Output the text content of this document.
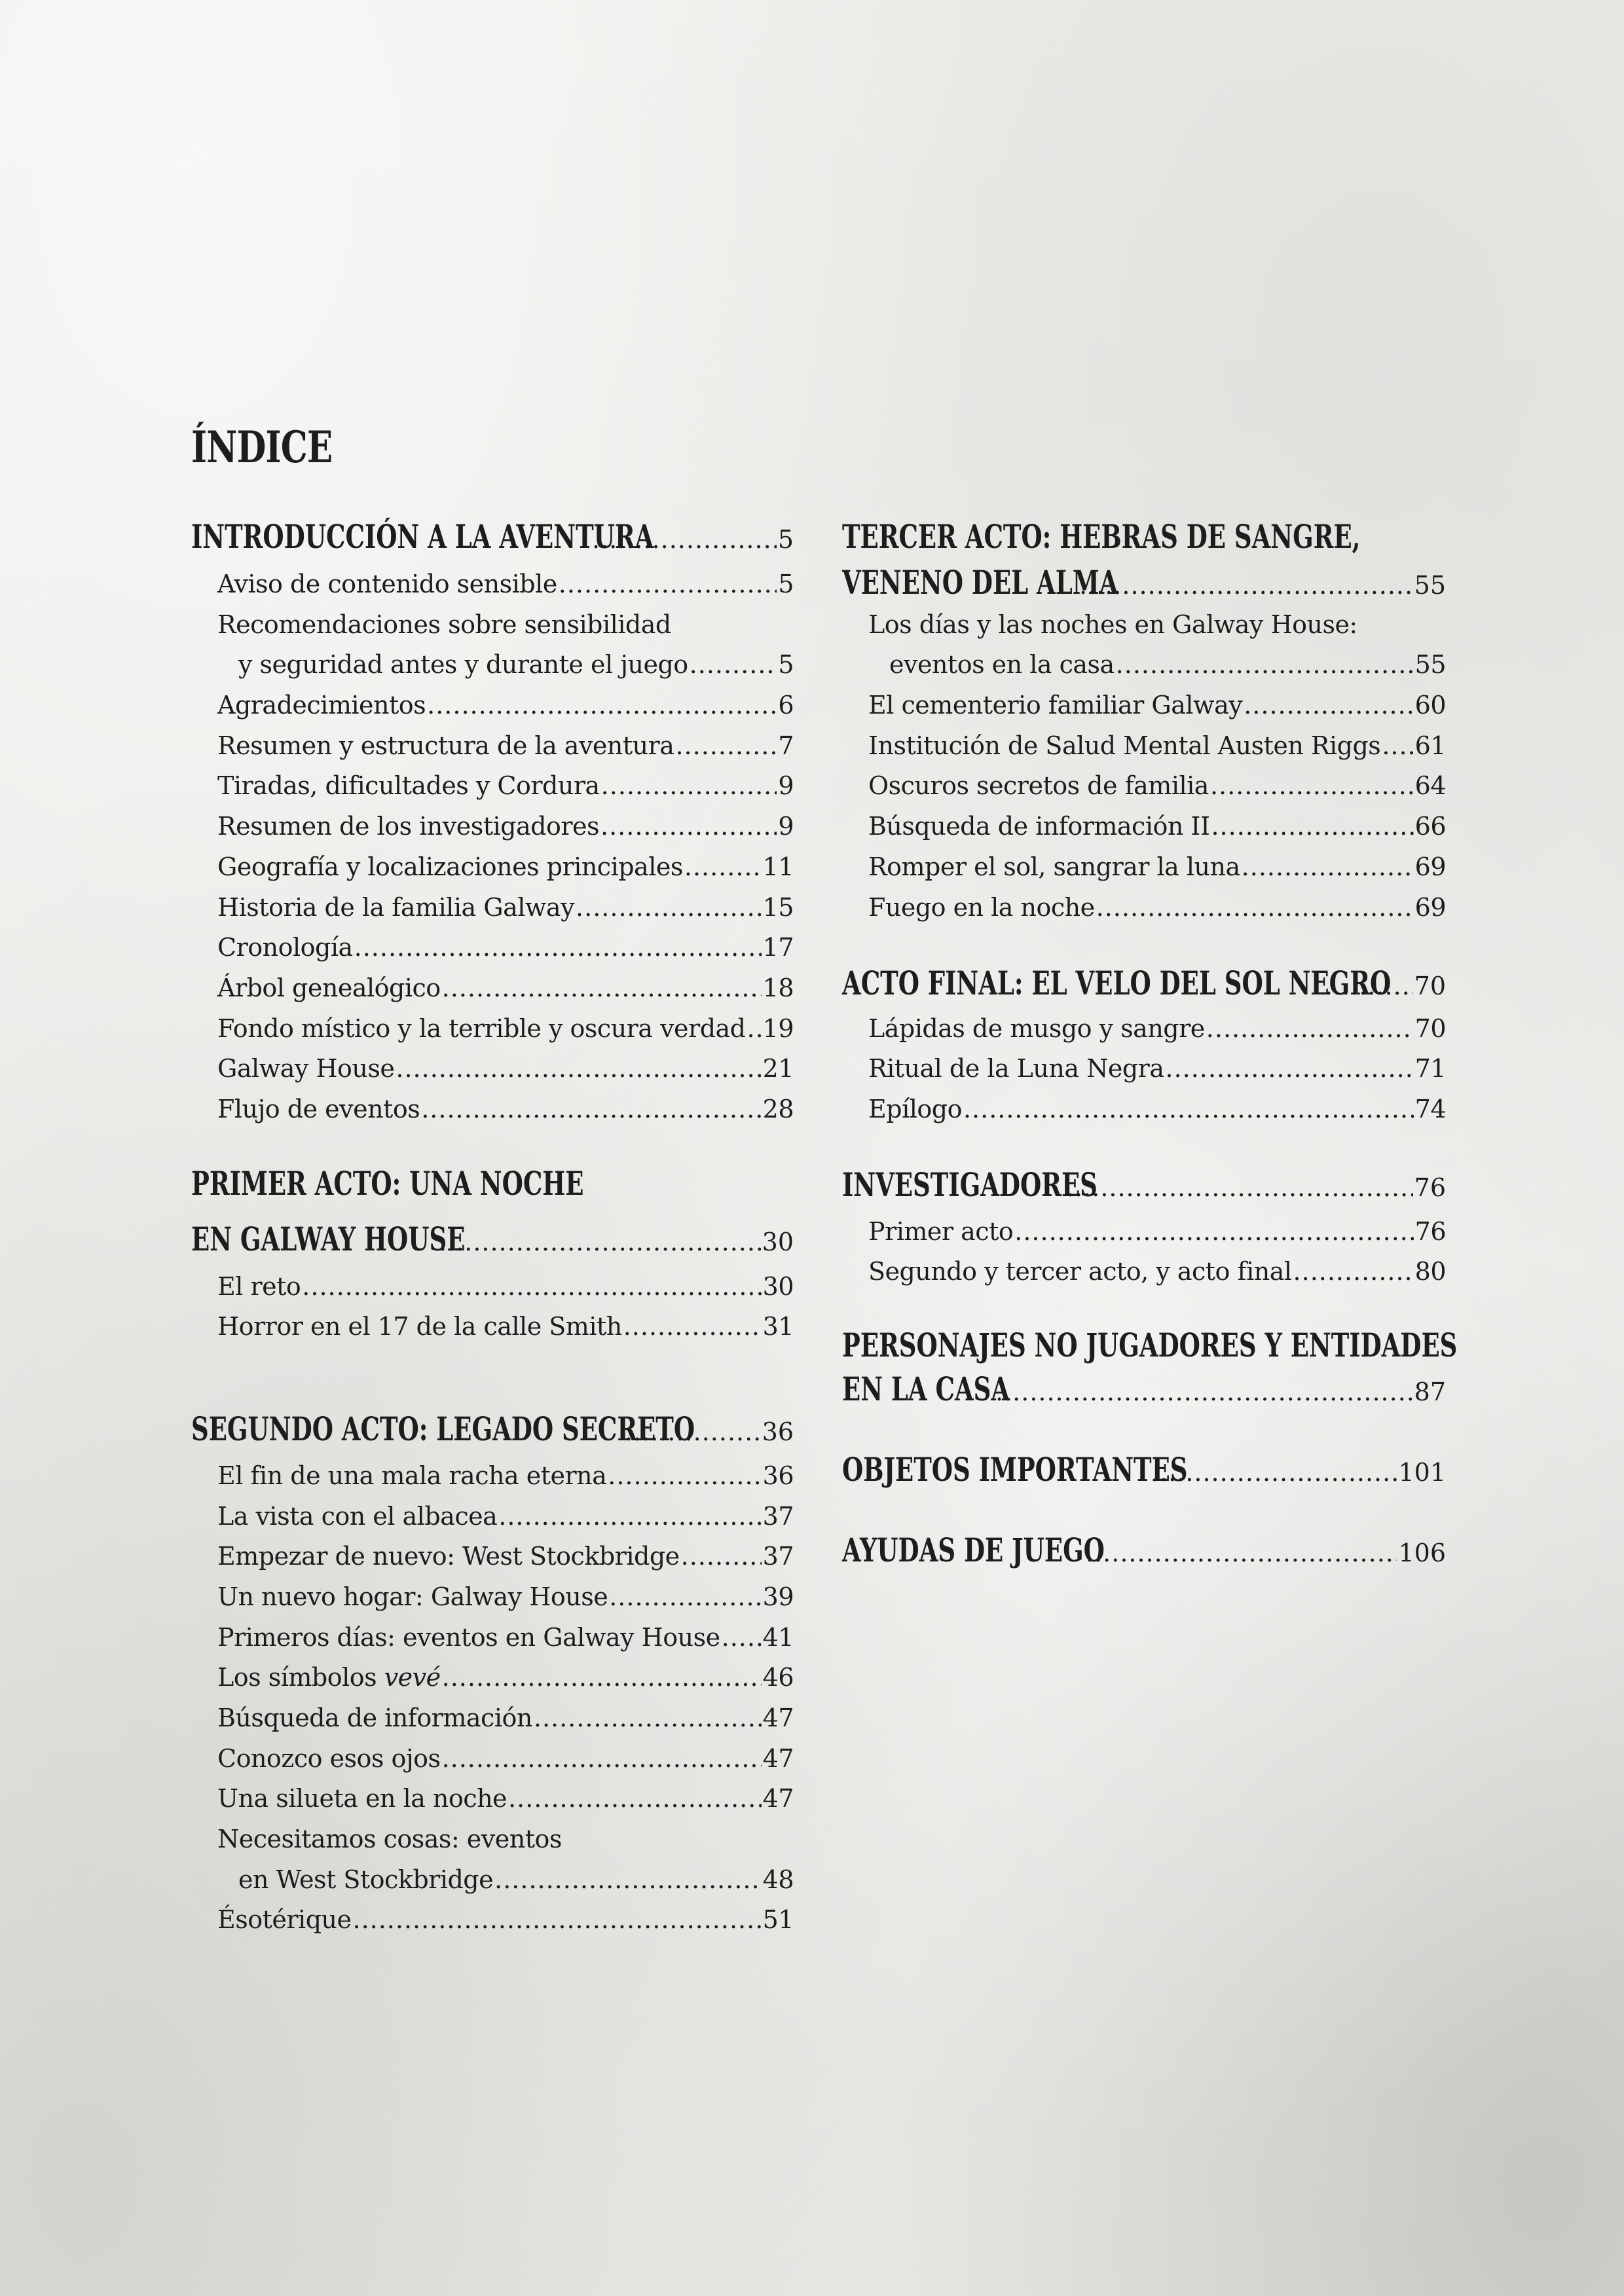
ÍNDICE
INTRODUCCIÓN A LA AVENTURA .....	5
Aviso de contenido sensible .....	5
Recomendaciones sobre sensibilidad
y seguridad antes y durante el juego .....	5
Agradecimientos .....	6
Resumen y estructura de la aventura .....	7
Tiradas, dificultades y Cordura .....	9
Resumen de los investigadores .....	9
Geografía y localizaciones principales .....	11
Historia de la familia Galway .....	15
Cronología .....	17
Árbol genealógico .....	18
Fondo místico y la terrible y oscura verdad ..... 19
Galway House .....	21
Flujo de eventos .....	28
PRIMER ACTO: UNA NOCHE
EN GALWAY HOUSE .....	30
El reto .....	30
Horror en el 17 de la calle Smith .....	31
SEGUNDO ACTO: LEGADO SECRETO .....	36
El fin de una mala racha eterna .....	36
La vista con el albacea .....	37
Empezar de nuevo: West Stockbridge .....	37
Un nuevo hogar: Galway House .....	39
Primeros días: eventos en Galway House ..... 41
Los símbolos vevé .....	46
Búsqueda de información .....	47
Conozco esos ojos .....	47
Una silueta en la noche .....	47
Necesitamos cosas: eventos
en West Stockbridge .....	48
Ésotérique .....	51
TERCER ACTO: HEBRAS DE SANGRE,
VENENO DEL ALMA .....	55
Los días y las noches en Galway House:
eventos en la casa .....	55
El cementerio familiar Galway .....	60
Institución de Salud Mental Austen Riggs ..... 61
Oscuros secretos de familia .....	64
Búsqueda de información II .....	66
Romper el sol, sangrar la luna .....	69
Fuego en la noche .....	69
ACTO FINAL: EL VELO DEL SOL NEGRO ..... 70
Lápidas de musgo y sangre .....	70
Ritual de la Luna Negra .....	71
Epílogo .....	74
INVESTIGADORES .....	76
Primer acto .....	76
Segundo y tercer acto, y acto final .....	80
PERSONAJES NO JUGADORES Y ENTIDADES
EN LA CASA .....	87
OBJETOS IMPORTANTES .....	101
AYUDAS DE JUEGO .....	106
